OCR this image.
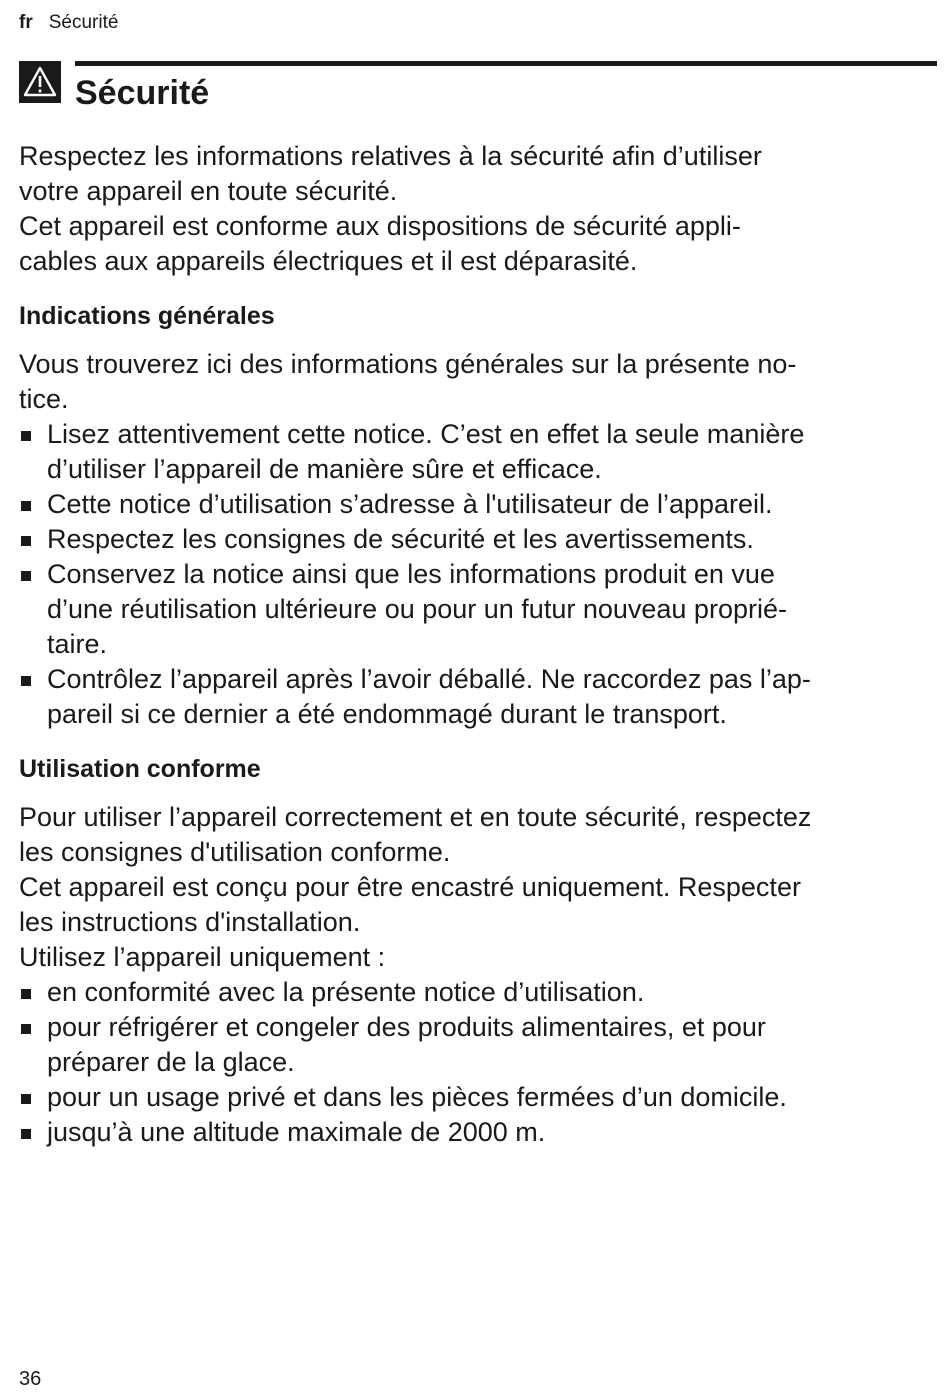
fr Sécurité
Sécurité

Respectez les informations relatives à la sécurité afin d’utiliser
votre appareil en toute sécurité.
Cet appareil est conforme aux dispositions de sécurité appli-
cables aux appareils électriques et il est déparasité.

Indications générales

Vous trouverez ici des informations générales sur la présente no-
tice.

Lisez attentivement cette notice. C’est en effet la seule manière
d’utiliser l’appareil de manière sûre et efficace.
Cette notice d’utilisation s’adresse à l'utilisateur de l’appareil.
Respectez les consignes de sécurité et les avertissements.
Conservez la notice ainsi que les informations produit en vue
d’une réutilisation ultérieure ou pour un futur nouveau proprié-
taire.
Contrôlez l’appareil après l’avoir déballé. Ne raccordez pas l’ap-
pareil si ce dernier a été endommagé durant le transport.
Utilisation conforme

Pour utiliser l’appareil correctement et en toute sécurité, respectez
les consignes d'utilisation conforme.
Cet appareil est conçu pour être encastré uniquement. Respecter
les instructions d'installation.
Utilisez l’appareil uniquement :

en conformité avec la présente notice d’utilisation.
pour réfrigérer et congeler des produits alimentaires, et pour
préparer de la glace.
pour un usage privé et dans les pièces fermées d’un domicile.
jusqu’à une altitude maximale de 2000 m.
36
